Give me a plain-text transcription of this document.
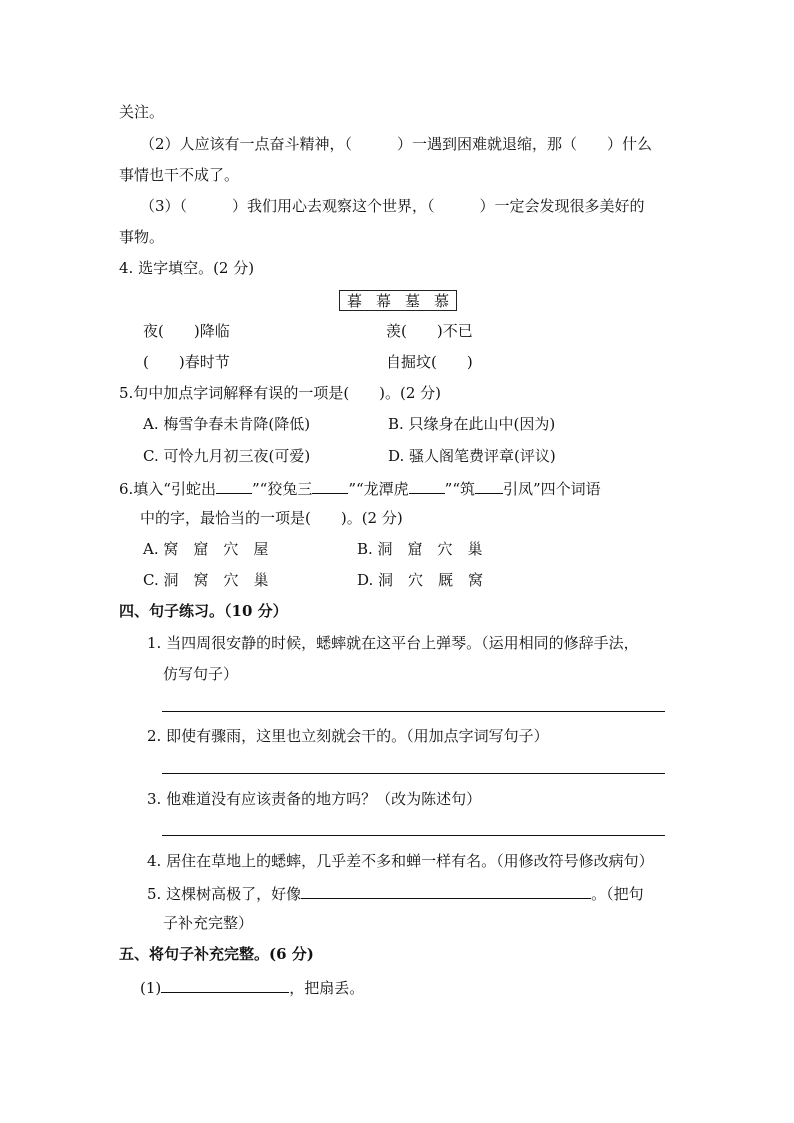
关注。
（2）人应该有一点奋斗精神，（　　　）一遇到困难就退缩，那（　　）什么
事情也干不成了。
（3）（　　　）我们用心去观察这个世界，（　　　）一定会发现很多美好的
事物。
4. 选字填空。(2 分)
暮 幕 墓 慕
夜(　　)降临	羡(　　)不已
(　　)春时节	自掘坟(　　)
5.句中加点字词解释有误的一项是(　　)。(2 分)
A. 梅雪争春未肯降(降低)	B. 只缘身在此山中(因为)
C. 可怜九月初三夜(可爱)	D. 骚人阁笔费评章(评议)
6.填入“引蛇出 ”“狡兔三 ”“龙潭虎 ”“筑 引凤”四个词语
中的字，最恰当的一项是(　　)。(2 分)
A. 窝　窟　穴　屋	B. 洞　窟　穴　巢
C. 洞　窝　穴　巢	D. 洞　穴　厩　窝
四、句子练习。（10 分）
1. 当四周很安静的时候，蟋蟀就在这平台上弹琴。（运用相同的修辞手法，
仿写句子）
2. 即使有骤雨，这里也立刻就会干的。（用加点字词写句子）
3. 他难道没有应该责备的地方吗？（改为陈述句）
4. 居住在草地上的蟋蟀，几乎差不多和蝉一样有名。（用修改符号修改病句）
5. 这棵树高极了，好像	。（把句
子补充完整）
五、将句子补充完整。(6 分)
(1)	，把扇丢。
